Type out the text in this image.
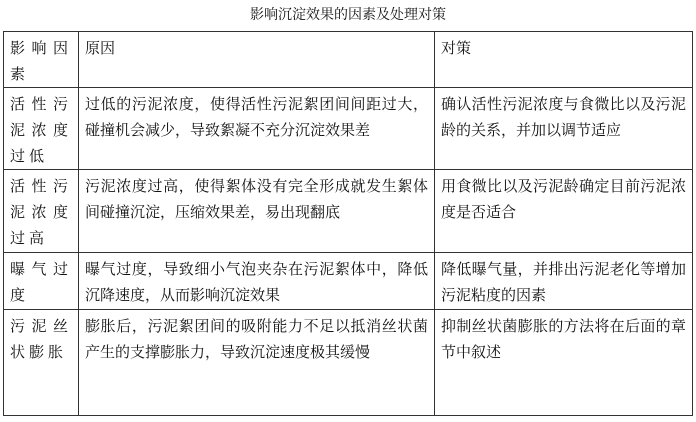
影响沉淀效果的因素及处理对策
影响因素	原因	对策
活性污泥浓度过低	过低的污泥浓度，使得活性污泥絮团间间距过大，碰撞机会减少，导致絮凝不充分沉淀效果差	确认活性污泥浓度与食微比以及污泥龄的关系，并加以调节适应
活性污泥浓度过高	污泥浓度过高，使得絮体没有完全形成就发生絮体间碰撞沉淀，压缩效果差，易出现翻底	用食微比以及污泥龄确定目前污泥浓度是否适合
曝气过度	曝气过度，导致细小气泡夹杂在污泥絮体中，降低沉降速度，从而影响沉淀效果	降低曝气量，并排出污泥老化等增加污泥粘度的因素
污泥丝状膨胀	膨胀后，污泥絮团间的吸附能力不足以抵消丝状菌产生的支撑膨胀力，导致沉淀速度极其缓慢	抑制丝状菌膨胀的方法将在后面的章节中叙述
